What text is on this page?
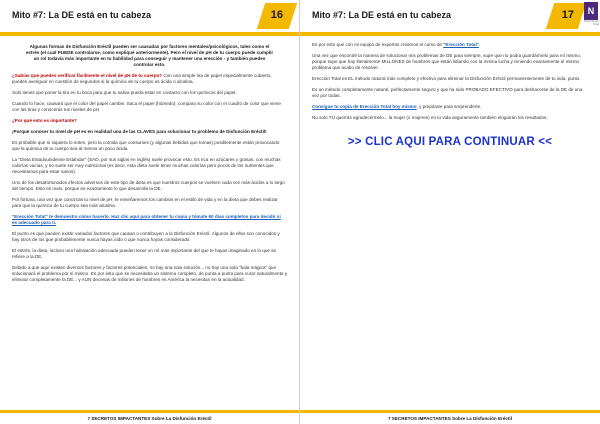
Mito #7: La DE está en tu cabeza	16

Algunas formas de Disfunción Eréctil pueden ser causadas por factores mentales/psicológicos, tales como el estrés (el cual PUEDE controlarse, como expliqué anteriormente). Pero el nivel de pH de tu cuerpo puede cumplir un rol todavía más importante en tu habilidad para conseguir y mantener una erección - y también puedes controlar esto.

¿Sabías que puedes verificar fácilmente el nivel de pH de tu cuerpo? Con una simple tira de papel especialmente cubierto, puedes averiguar en cuestión de segundos si la química de tu cuerpo es ácida o alcalina.

Solo tienes que poner la tira en tu boca para que tu saliva pueda estar en contacto con los químicos del papel.

Cuando lo hace, causará que el color del papel cambie. Saca el papel (húmedo), compara su color con el cuadro de color que viene con las tiras y conocerás tus niveles de pH.

¿Por qué esto es importante?

¡Porque conocer tu nivel de pH es en realidad una de las CLAVES para solucionar tu problema de Disfunción Eréctil!

Es probable que ni siquiera lo notes, pero la comida que consumes (y algunas bebidas que tomas) posiblemente están provocando que la química de tu cuerpo sea al menos un poco ácida.

La "Dieta Estadounidense Estándar" (SAD, por sus siglas en inglés) suele provocar esto. Es rica en azúcares y grasas, con muchas calorías vacías, y no suele ser muy nutricional (es decir, esta dieta suele tener muchas calorías pero pocos de los nutrientes que necesitamos para estar sanos).

Uno de los desafortunados efectos adversos de este tipo de dieta es que nuestros cuerpos se vuelven cada vez más ácidos a lo largo del tiempo. Esto es malo, porque es exactamente lo que desarrolla la DE.

Por fortuna, una vez que conozcas tu nivel de pH, te enseñaremos los cambios en el estilo de vida y en la dieta que debes realizar para que la química de tu cuerpo sea más alcalina.

"Erección Total" te demuestra cómo hacerlo. Haz clic aquí para obtener tu copia y tómate 60 días completos para decidir si es adecuado para ti.

El punto es que pueden existir variados factores que causan o contribuyen a la Disfunción Eréctil. Algunos de ellos son conocidos y hay otros de los que probablemente nunca hayas oído o que nunca hayas considerado.

El estrés, la dieta, incluso una hidratación adecuada pueden tener un rol más importante del que te hayas imaginado en lo que se refiere a la DE.

Debido a que aquí existen diversos factores y factores potenciales, no hay una sola solución... no hay una sola "bala mágica" que solucionará el problema por sí mismo. Es por esto que se necesitaba un sistema completo, de punta a punta para curar naturalmente y eliminar completamente la DE... y AÚN decenas de millones de hombres en América la necesitan en la actualidad.

7 SECRETOS IMPACTANTES Sobre La Disfunción Eréctil
Mito #7: La DE está en tu cabeza	17	N
Nacimiento Total

Es por esto que con mi equipo de expertos creamos el curso de "Erección Total".

Una vez que encontré la manera de solucionar mis problemas de DE para siempre, supe que no podía guardármelo para mí mismo, porque supe que hay literalmente MILLONES de hombres que están lidiando con la misma lucha y teniendo exactamente el mismo problema que acabo de resolver.

Erección Total es EL método natural más completo y efectivo para eliminar la Disfunción Eréctil permanentemente de tu vida, punto.

Es un método completamente natural, perfectamente seguro y que ha sido PROBADO EFECTIVO para deshacerse de la DE de una vez por todas.

Consigue tu copia de Erección Total hoy mismo, y prepárate para sorprenderte.

No solo TÚ querrás agradecérmelo... la mujer (o mujeres) en tu vida seguramente también elogiarán los resultados.

>> CLIC AQUI PARA CONTINUAR <<
7 SECRETOS IMPACTANTES Sobre La Disfunción Eréctil
